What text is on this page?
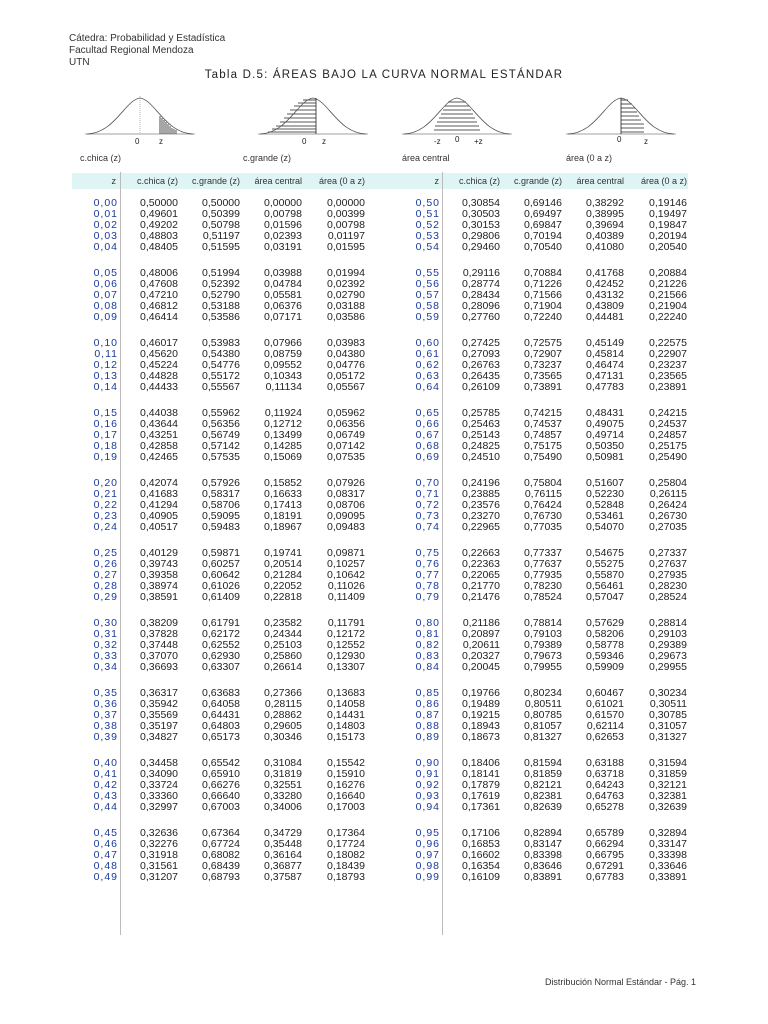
Cátedra: Probabilidad y Estadística
Facultad Regional Mendoza
UTN
Tabla D.5: ÁREAS BAJO LA CURVA NORMAL ESTÁNDAR
0 z
c.chica (z)
0 z
c.grande (z)
-z 0 +z
área central
0	z
área (0 a z)
z	c.chica (z)	c.grande (z)	área central	área (0 a z)	z	c.chica (z)	c.grande (z)	área central	área (0 a z)
0,00	0,50000	0,50000	0,00000	0,00000
0,01	0,49601	0,50399	0,00798	0,00399
0,02	0,49202	0,50798	0,01596	0,00798
0,03	0,48803	0,51197	0,02393	0,01197
0,04	0,48405	0,51595	0,03191	0,01595
0,05	0,48006	0,51994	0,03988	0,01994
0,06	0,47608	0,52392	0,04784	0,02392
0,07	0,47210	0,52790	0,05581	0,02790
0,08	0,46812	0,53188	0,06376	0,03188
0,09	0,46414	0,53586	0,07171	0,03586
0,10	0,46017	0,53983	0,07966	0,03983
0,11	0,45620	0,54380	0,08759	0,04380
0,12	0,45224	0,54776	0,09552	0,04776
0,13	0,44828	0,55172	0,10343	0,05172
0,14	0,44433	0,55567	0,11134	0,05567
0,15	0,44038	0,55962	0,11924	0,05962
0,16	0,43644	0,56356	0,12712	0,06356
0,17	0,43251	0,56749	0,13499	0,06749
0,18	0,42858	0,57142	0,14285	0,07142
0,19	0,42465	0,57535	0,15069	0,07535
0,20	0,42074	0,57926	0,15852	0,07926
0,21	0,41683	0,58317	0,16633	0,08317
0,22	0,41294	0,58706	0,17413	0,08706
0,23	0,40905	0,59095	0,18191	0,09095
0,24	0,40517	0,59483	0,18967	0,09483
0,25	0,40129	0,59871	0,19741	0,09871
0,26	0,39743	0,60257	0,20514	0,10257
0,27	0,39358	0,60642	0,21284	0,10642
0,28	0,38974	0,61026	0,22052	0,11026
0,29	0,38591	0,61409	0,22818	0,11409
0,30	0,38209	0,61791	0,23582	0,11791
0,31	0,37828	0,62172	0,24344	0,12172
0,32	0,37448	0,62552	0,25103	0,12552
0,33	0,37070	0,62930	0,25860	0,12930
0,34	0,36693	0,63307	0,26614	0,13307
0,35	0,36317	0,63683	0,27366	0,13683
0,36	0,35942	0,64058	0,28115	0,14058
0,37	0,35569	0,64431	0,28862	0,14431
0,38	0,35197	0,64803	0,29605	0,14803
0,39	0,34827	0,65173	0,30346	0,15173
0,40	0,34458	0,65542	0,31084	0,15542
0,41	0,34090	0,65910	0,31819	0,15910
0,42	0,33724	0,66276	0,32551	0,16276
0,43	0,33360	0,66640	0,33280	0,16640
0,44	0,32997	0,67003	0,34006	0,17003
0,45	0,32636	0,67364	0,34729	0,17364
0,46	0,32276	0,67724	0,35448	0,17724
0,47	0,31918	0,68082	0,36164	0,18082
0,48	0,31561	0,68439	0,36877	0,18439
0,49	0,31207	0,68793	0,37587	0,18793
0,50	0,30854	0,69146	0,38292	0,19146
0,51	0,30503	0,69497	0,38995	0,19497
0,52	0,30153	0,69847	0,39694	0,19847
0,53	0,29806	0,70194	0,40389	0,20194
0,54	0,29460	0,70540	0,41080	0,20540
0,55	0,29116	0,70884	0,41768	0,20884
0,56	0,28774	0,71226	0,42452	0,21226
0,57	0,28434	0,71566	0,43132	0,21566
0,58	0,28096	0,71904	0,43809	0,21904
0,59	0,27760	0,72240	0,44481	0,22240
0,60	0,27425	0,72575	0,45149	0,22575
0,61	0,27093	0,72907	0,45814	0,22907
0,62	0,26763	0,73237	0,46474	0,23237
0,63	0,26435	0,73565	0,47131	0,23565
0,64	0,26109	0,73891	0,47783	0,23891
0,65	0,25785	0,74215	0,48431	0,24215
0,66	0,25463	0,74537	0,49075	0,24537
0,67	0,25143	0,74857	0,49714	0,24857
0,68	0,24825	0,75175	0,50350	0,25175
0,69	0,24510	0,75490	0,50981	0,25490
0,70	0,24196	0,75804	0,51607	0,25804
0,71	0,23885	0,76115	0,52230	0,26115
0,72	0,23576	0,76424	0,52848	0,26424
0,73	0,23270	0,76730	0,53461	0,26730
0,74	0,22965	0,77035	0,54070	0,27035
0,75	0,22663	0,77337	0,54675	0,27337
0,76	0,22363	0,77637	0,55275	0,27637
0,77	0,22065	0,77935	0,55870	0,27935
0,78	0,21770	0,78230	0,56461	0,28230
0,79	0,21476	0,78524	0,57047	0,28524
0,80	0,21186	0,78814	0,57629	0,28814
0,81	0,20897	0,79103	0,58206	0,29103
0,82	0,20611	0,79389	0,58778	0,29389
0,83	0,20327	0,79673	0,59346	0,29673
0,84	0,20045	0,79955	0,59909	0,29955
0,85	0,19766	0,80234	0,60467	0,30234
0,86	0,19489	0,80511	0,61021	0,30511
0,87	0,19215	0,80785	0,61570	0,30785
0,88	0,18943	0,81057	0,62114	0,31057
0,89	0,18673	0,81327	0,62653	0,31327
0,90	0,18406	0,81594	0,63188	0,31594
0,91	0,18141	0,81859	0,63718	0,31859
0,92	0,17879	0,82121	0,64243	0,32121
0,93	0,17619	0,82381	0,64763	0,32381
0,94	0,17361	0,82639	0,65278	0,32639
0,95	0,17106	0,82894	0,65789	0,32894
0,96	0,16853	0,83147	0,66294	0,33147
0,97	0,16602	0,83398	0,66795	0,33398
0,98	0,16354	0,83646	0,67291	0,33646
0,99	0,16109	0,83891	0,67783	0,33891
Distribución Normal Estándar - Pág. 1
